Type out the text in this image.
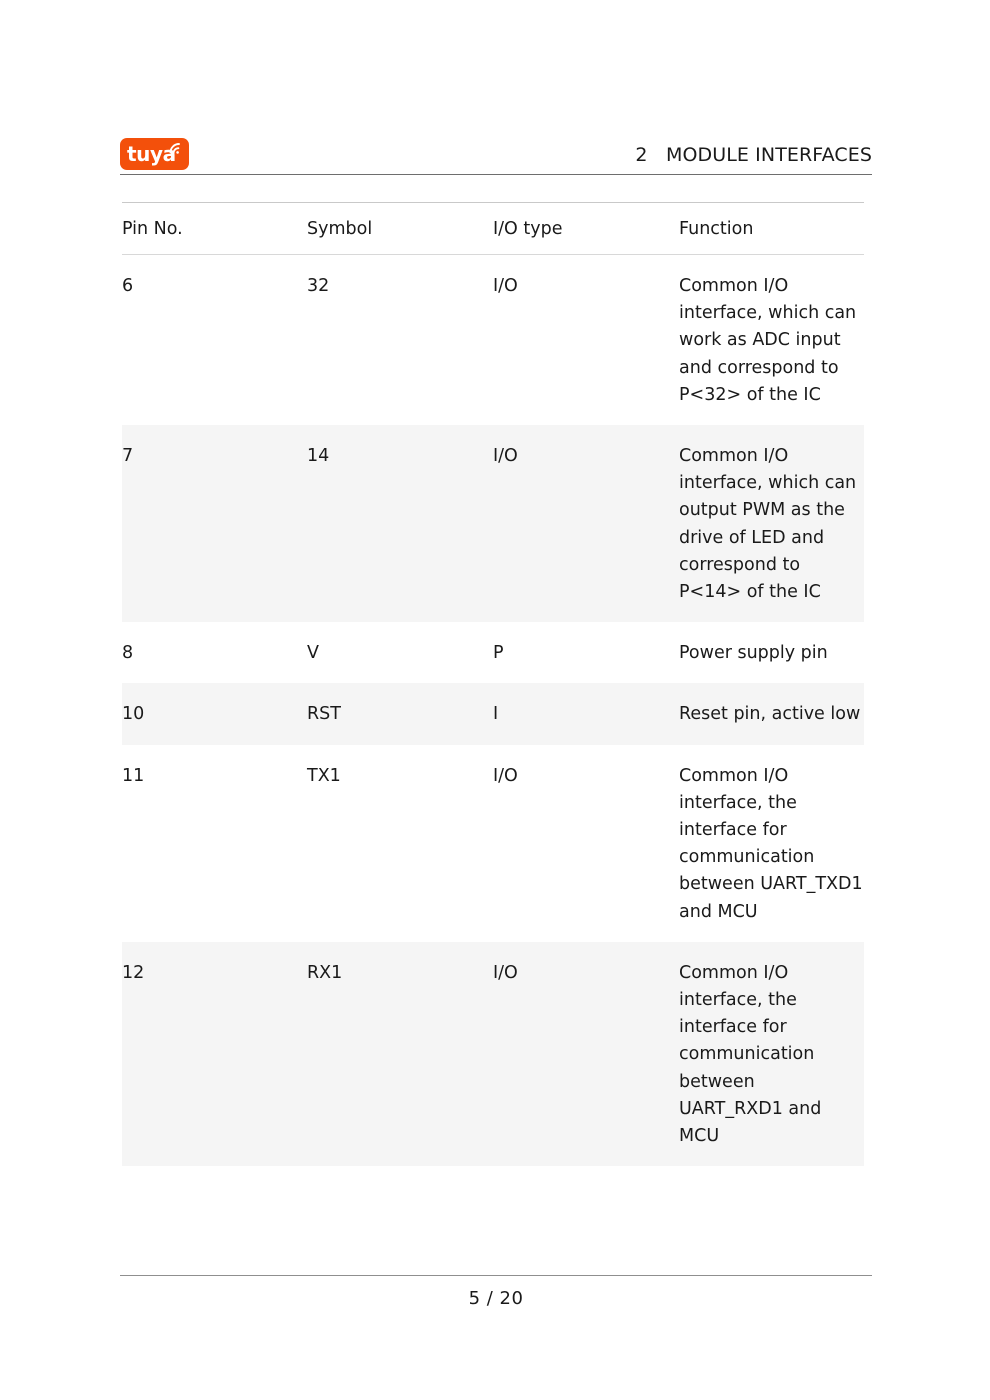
tuya	2   MODULE INTERFACES
Pin No.	Symbol	I/O type	Function
6	32	I/O	Common I/O interface, which can work as ADC input and correspond to P<32> of the IC
7	14	I/O	Common I/O interface, which can output PWM as the drive of LED and correspond to P<14> of the IC
8	V	P	Power supply pin
10	RST	I	Reset pin, active low
11	TX1	I/O	Common I/O interface, the interface for communication between UART_TXD1 and MCU
12	RX1	I/O	Common I/O interface, the interface for communication between UART_RXD1 and MCU
5 / 20
